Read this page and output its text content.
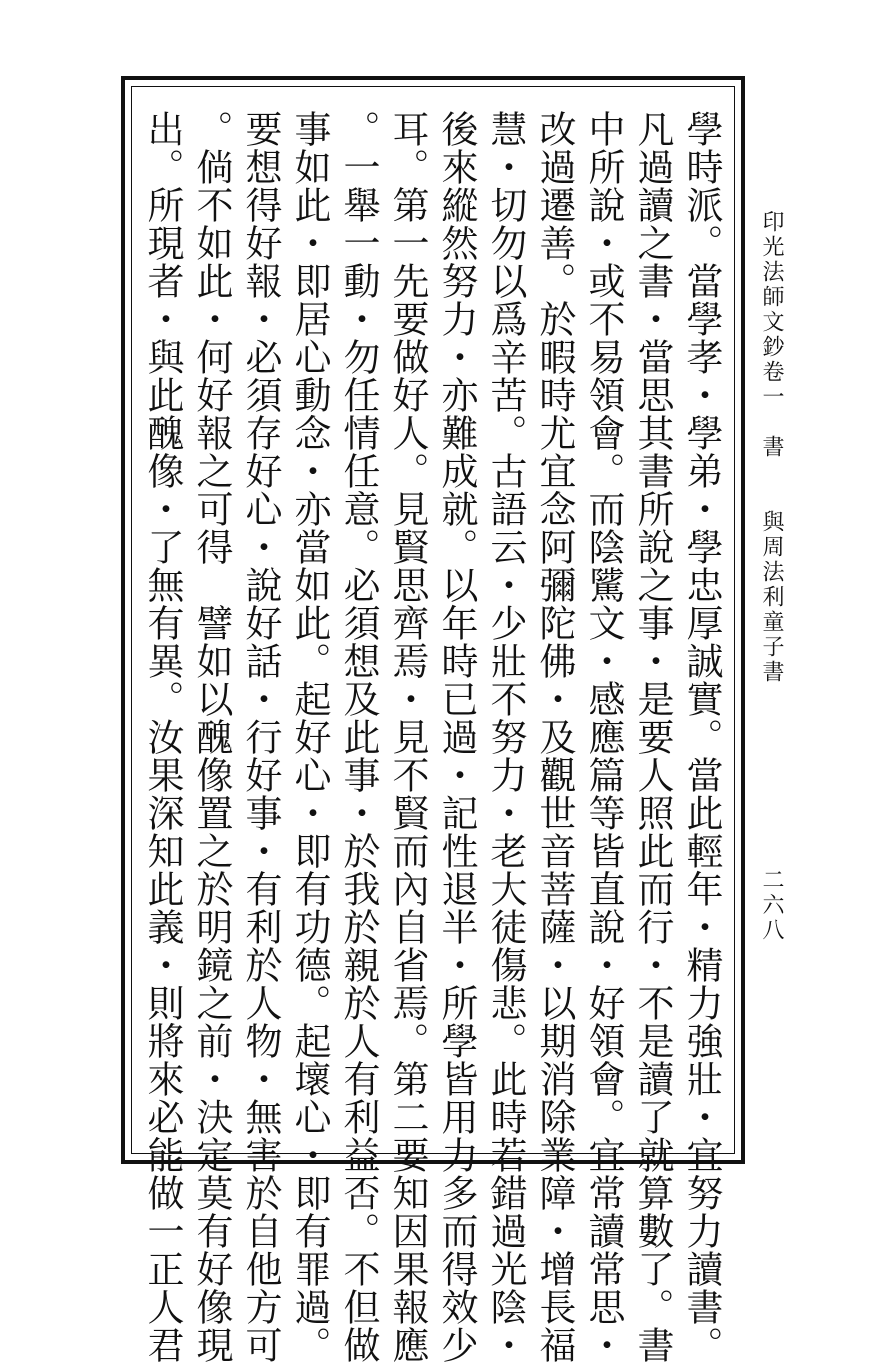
學時派。當學孝・學弟・學忠厚誠實。當此輕年・精力強壯・宜努力讀書。
凡過讀之書・當思其書所說之事・是要人照此而行・不是讀了就算數了。書
中所說・或不易領會。而陰騭文・感應篇等皆直說・好領會。宜常讀常思・
改過遷善。於暇時尤宜念阿彌陀佛・及觀世音菩薩・以期消除業障・增長福
慧・切勿以爲辛苦。古語云・少壯不努力・老大徒傷悲。此時若錯過光陰・
後來縱然努力・亦難成就。以年時已過・記性退半・所學皆用力多而得效少
耳。第一先要做好人。見賢思齊焉・見不賢而內自省焉。第二要知因果報應
。一舉一動・勿任情任意。必須想及此事・於我於親於人有利益否。不但做
事如此・即居心動念・亦當如此。起好心・即有功德。起壞心・即有罪過。
要想得好報・必須存好心・說好話・行好事・有利於人物・無害於自他方可
。倘不如此・何好報之可得　譬如以醜像置之於明鏡之前・決定莫有好像現
出。所現者・與此醜像・了無有異。汝果深知此義・則將來必能做一正人君	印光法師文鈔卷一　書　　與周法利童子書
二六八
